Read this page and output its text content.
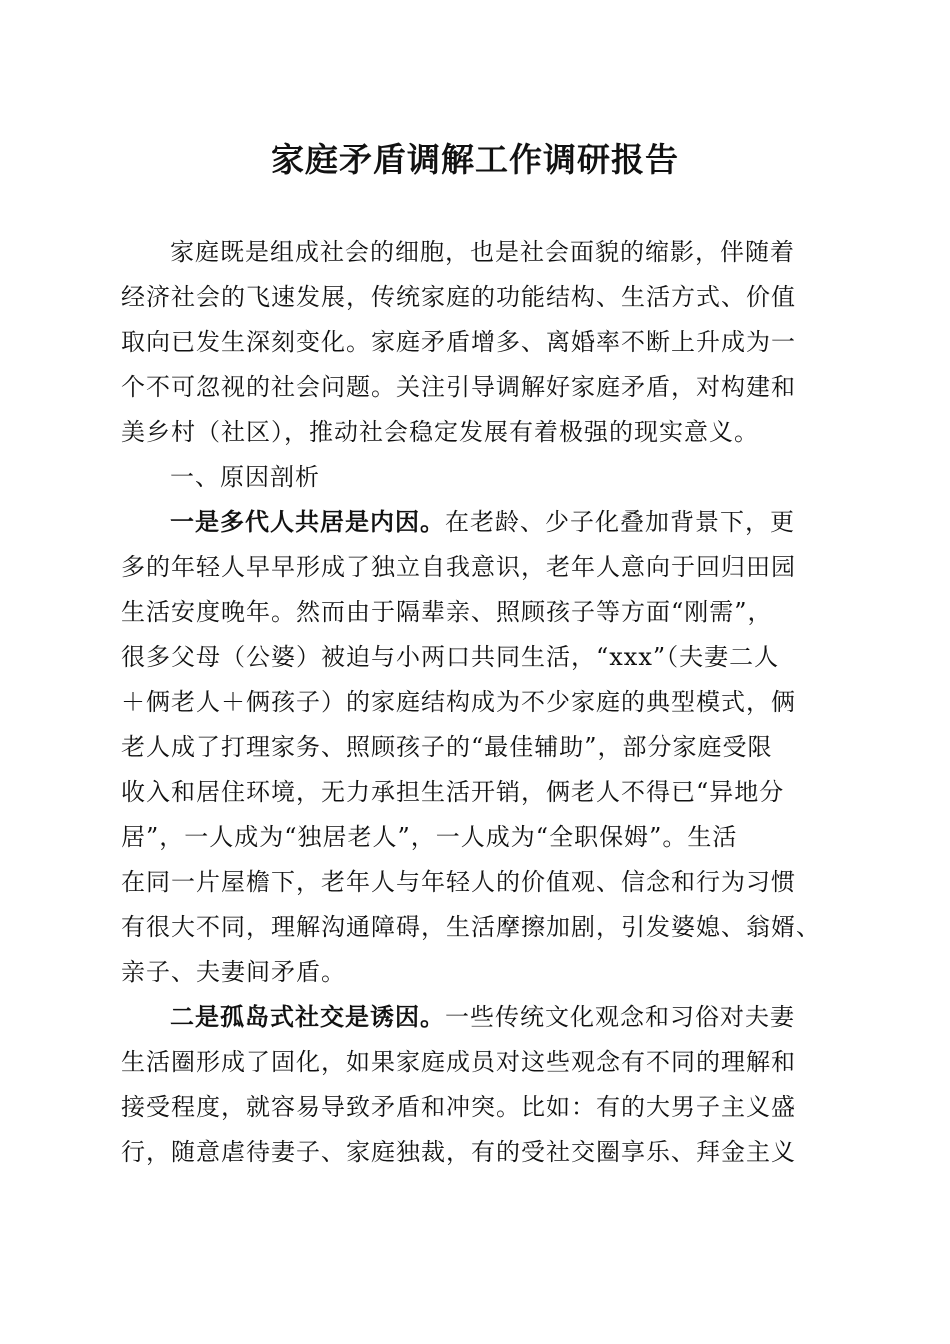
家庭矛盾调解工作调研报告
家庭既是组成社会的细胞，也是社会面貌的缩影，伴随着
经济社会的飞速发展，传统家庭的功能结构、生活方式、价值
取向已发生深刻变化。家庭矛盾增多、离婚率不断上升成为一
个不可忽视的社会问题。关注引导调解好家庭矛盾，对构建和
美乡村（社区），推动社会稳定发展有着极强的现实意义。
一、原因剖析
一是多代人共居是内因。在老龄、少子化叠加背景下，更
多的年轻人早早形成了独立自我意识，老年人意向于回归田园
生活安度晚年。然而由于隔辈亲、照顾孩子等方面“刚需”，
很多父母（公婆）被迫与小两口共同生活，“xxx”（夫妻二人
＋俩老人＋俩孩子）的家庭结构成为不少家庭的典型模式，俩
老人成了打理家务、照顾孩子的“最佳辅助”，部分家庭受限
收入和居住环境，无力承担生活开销，俩老人不得已“异地分
居”，一人成为“独居老人”，一人成为“全职保姆”。生活
在同一片屋檐下，老年人与年轻人的价值观、信念和行为习惯
有很大不同，理解沟通障碍，生活摩擦加剧，引发婆媳、翁婿、
亲子、夫妻间矛盾。
二是孤岛式社交是诱因。一些传统文化观念和习俗对夫妻
生活圈形成了固化，如果家庭成员对这些观念有不同的理解和
接受程度，就容易导致矛盾和冲突。比如：有的大男子主义盛
行，随意虐待妻子、家庭独裁，有的受社交圈享乐、拜金主义
